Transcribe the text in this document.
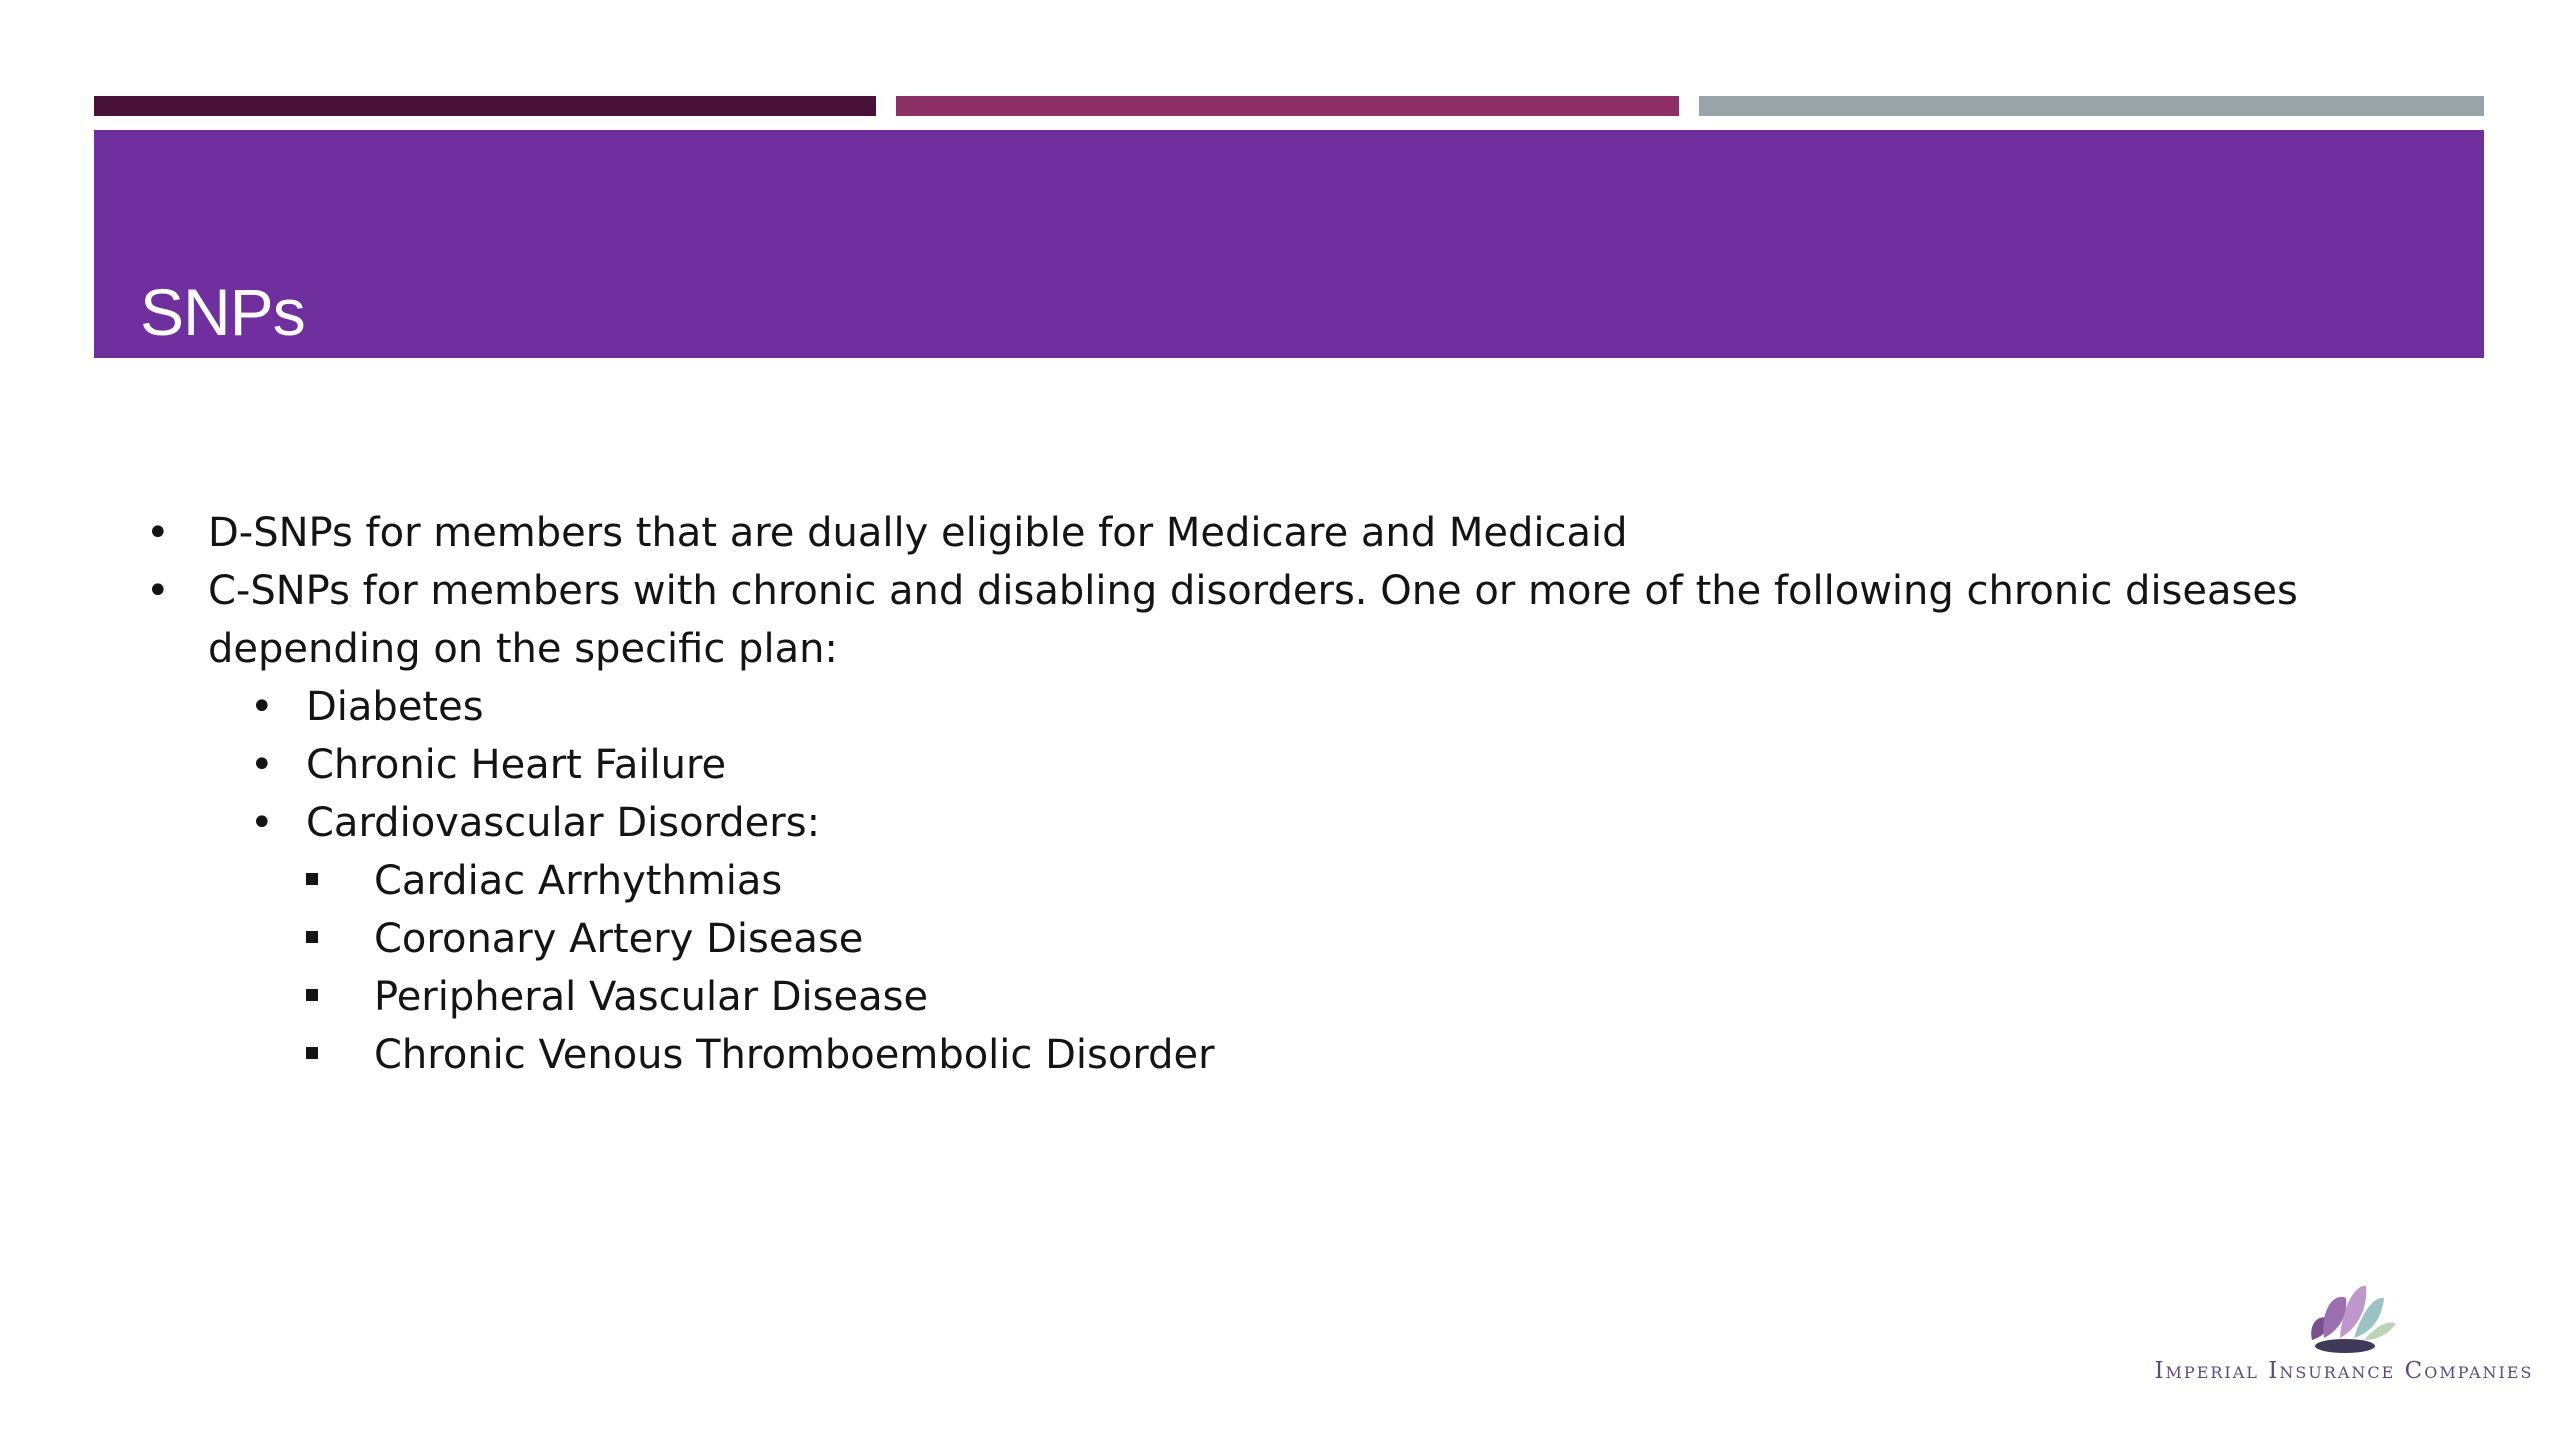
SNPs
• D-SNPs for members that are dually eligible for Medicare and Medicaid
• C-SNPs for members with chronic and disabling disorders. One or more of the following chronic diseases depending on the specific plan:
• Diabetes
• Chronic Heart Failure
• Cardiovascular Disorders:
Cardiac Arrhythmias
Coronary Artery Disease
Peripheral Vascular Disease
Chronic Venous Thromboembolic Disorder
Imperial Insurance Companies
